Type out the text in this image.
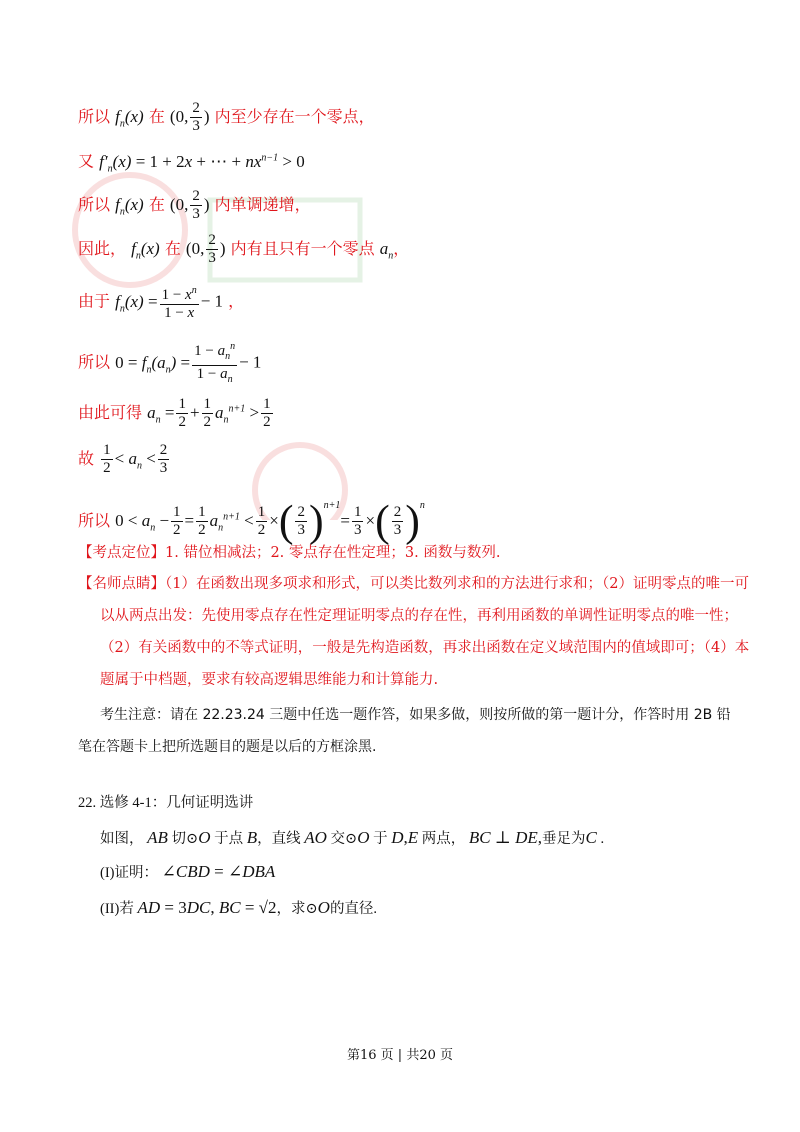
所以 $f_n(x)$ 在 (0, $\frac{2}{3}$ ) 内至少存在一个零点，
又 $f'_n(x) = 1 + 2x$ + ⋯ + $nx^{n-1} > 0$
所以 $f_n(x)$ 在 (0, $\frac{2}{3}$ ) 内单调递增，
因此， $f_n(x)$ 在 (0, $\frac{2}{3}$ ) 内有且只有一个零点 $a_n$，
由于 $f_n(x) = \frac{1 - x^n}{1 - x} - 1$ ，
所以 $0 = f_n(a_n) = \frac{1 - a_n^n}{1 - a_n} - 1$
由此可得 $a_n = \frac{1}{2} + \frac{1}{2} a_n^{n+1} > \frac{1}{2}$
故 $\frac{1}{2} < a_n < \frac{2}{3}$
所以 $0 < a_n - \frac{1}{2} = \frac{1}{2} a_n^{n+1} < \frac{1}{2}$ ×( $\frac{2}{3} )^{n+1}= \frac{1}{3}$ ×( $\frac{2}{3} )^n$
【考点定位】1. 错位相减法；2. 零点存在性定理；3. 函数与数列.
【名师点睛】（1）在函数出现多项求和形式，可以类比数列求和的方法进行求和；（2）证明零点的唯一可
以从两点出发：先使用零点存在性定理证明零点的存在性，再利用函数的单调性证明零点的唯一性；
（2）有关函数中的不等式证明，一般是先构造函数，再求出函数在定义域范围内的值域即可；（4）本
题属于中档题，要求有较高逻辑思维能力和计算能力.
考生注意：请在 22.23.24 三题中任选一题作答，如果多做，则按所做的第一题计分，作答时用 2B 铅
笔在答题卡上把所选题目的题是以后的方框涂黑.
22. 选修 4-1：几何证明选讲
如图， AB 切⊙O 于点 B，直线 AO 交⊙O 于 D,E 两点， BC ⊥ DE,垂足为C .
(I)证明： ∠CBD = ∠DBA
(II)若 AD = 3DC, BC = √2，求⊙O的直径.
第16 页 | 共20 页
